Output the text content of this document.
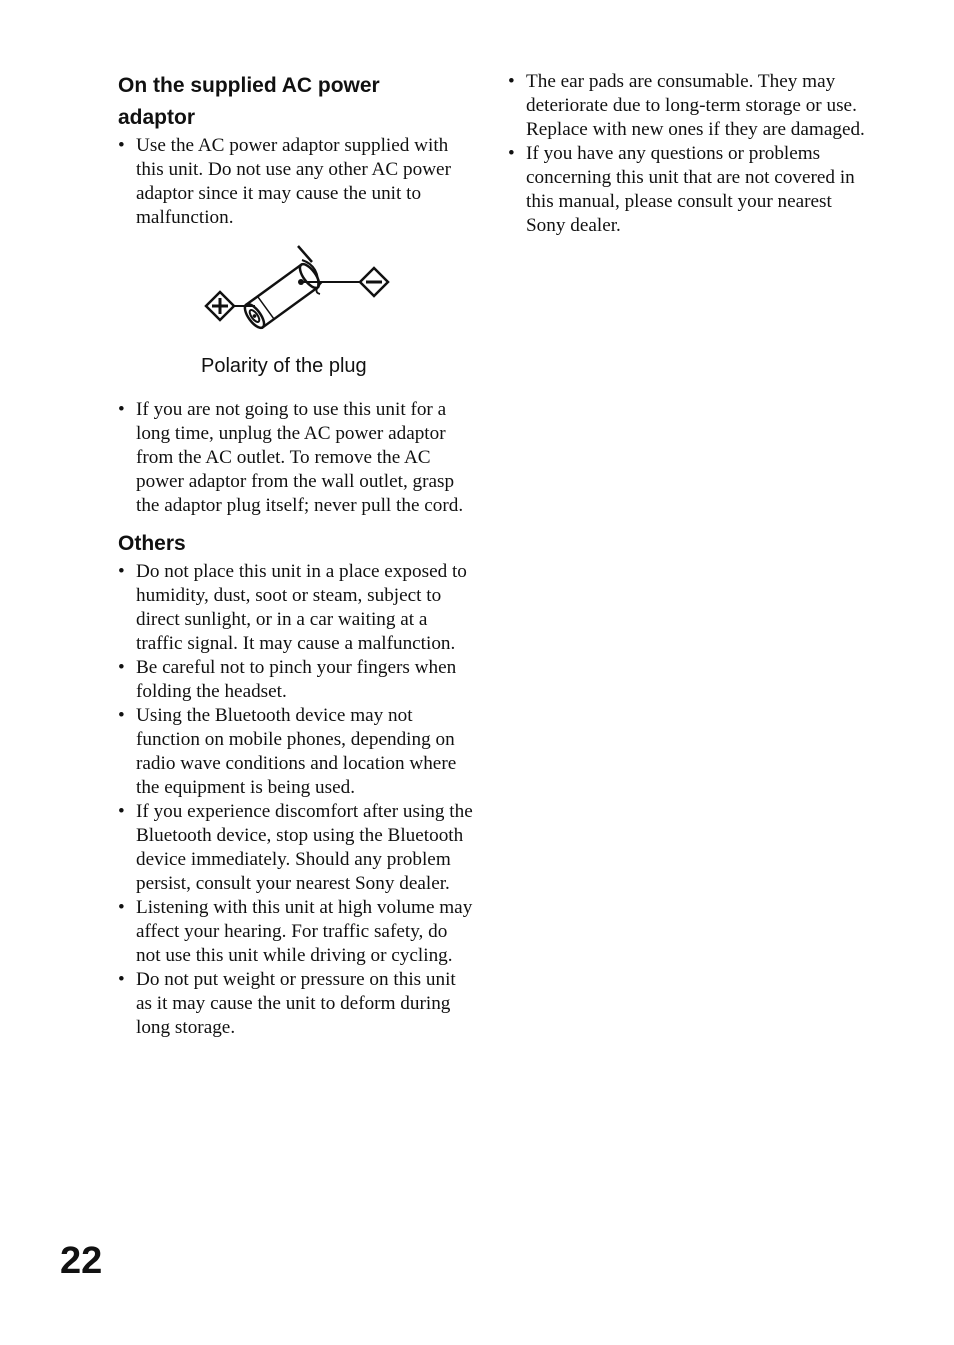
On the supplied AC power
adaptor
• Use the AC power adaptor supplied with this unit. Do not use any other AC power adaptor since it may cause the unit to malfunction.
Polarity of the plug
• If you are not going to use this unit for a long time, unplug the AC power adaptor from the AC outlet. To remove the AC power adaptor from the wall outlet, grasp the adaptor plug itself; never pull the cord.
Others
• Do not place this unit in a place exposed to humidity, dust, soot or steam, subject to direct sunlight, or in a car waiting at a traffic signal. It may cause a malfunction.
• Be careful not to pinch your fingers when folding the headset.
• Using the Bluetooth device may not function on mobile phones, depending on radio wave conditions and location where the equipment is being used.
• If you experience discomfort after using the Bluetooth device, stop using the Bluetooth device immediately. Should any problem persist, consult your nearest Sony dealer.
• Listening with this unit at high volume may affect your hearing. For traffic safety, do not use this unit while driving or cycling.
• Do not put weight or pressure on this unit as it may cause the unit to deform during long storage.
• The ear pads are consumable. They may deteriorate due to long-term storage or use. Replace with new ones if they are damaged.
• If you have any questions or problems concerning this unit that are not covered in this manual, please consult your nearest Sony dealer.
22
